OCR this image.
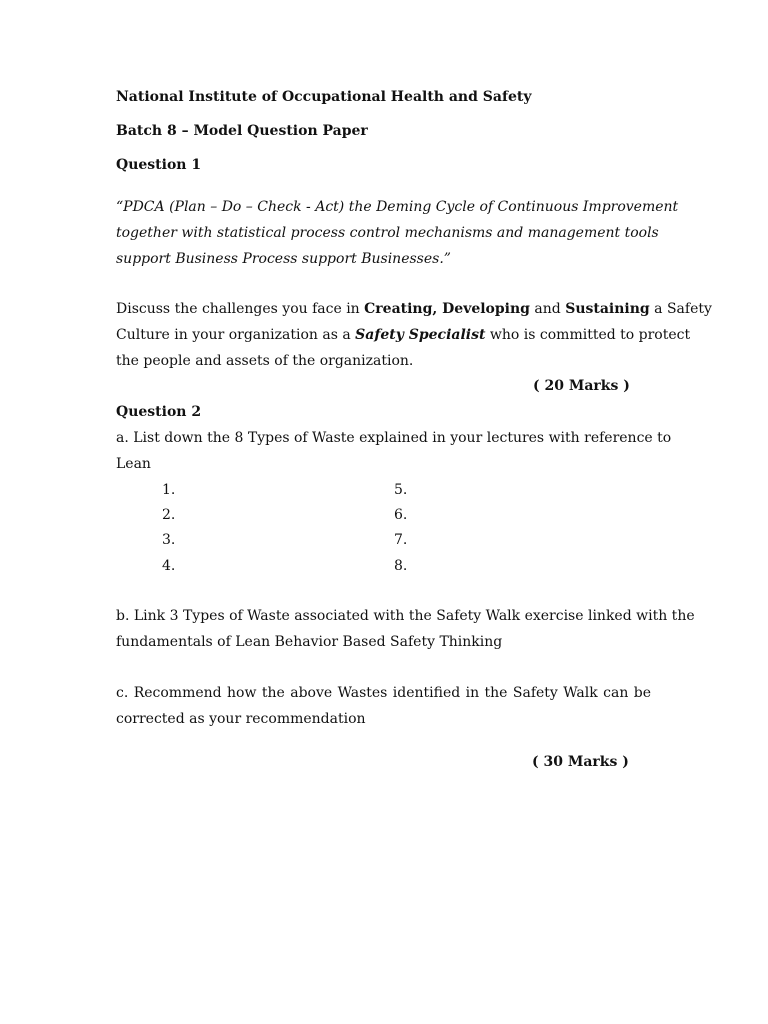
National Institute of Occupational Health and Safety
Batch 8 – Model Question Paper
Question 1
“PDCA (Plan – Do – Check - Act) the Deming Cycle of Continuous Improvement
together with statistical process control mechanisms and management tools
support Business Process support Businesses.”
Discuss the challenges you face in Creating, Developing and Sustaining a Safety
Culture in your organization as a Safety Specialist who is committed to protect
the people and assets of the organization.
( 20 Marks )
Question 2
a. List down the 8 Types of Waste explained in your lectures with reference to
Lean
1.
2.
3.
4.
5.
6.
7.
8.
b. Link 3 Types of Waste associated with the Safety Walk exercise linked with the
fundamentals of Lean Behavior Based Safety Thinking
c. Recommend how the above Wastes identified in the Safety Walk can be
corrected as your recommendation
( 30 Marks )
